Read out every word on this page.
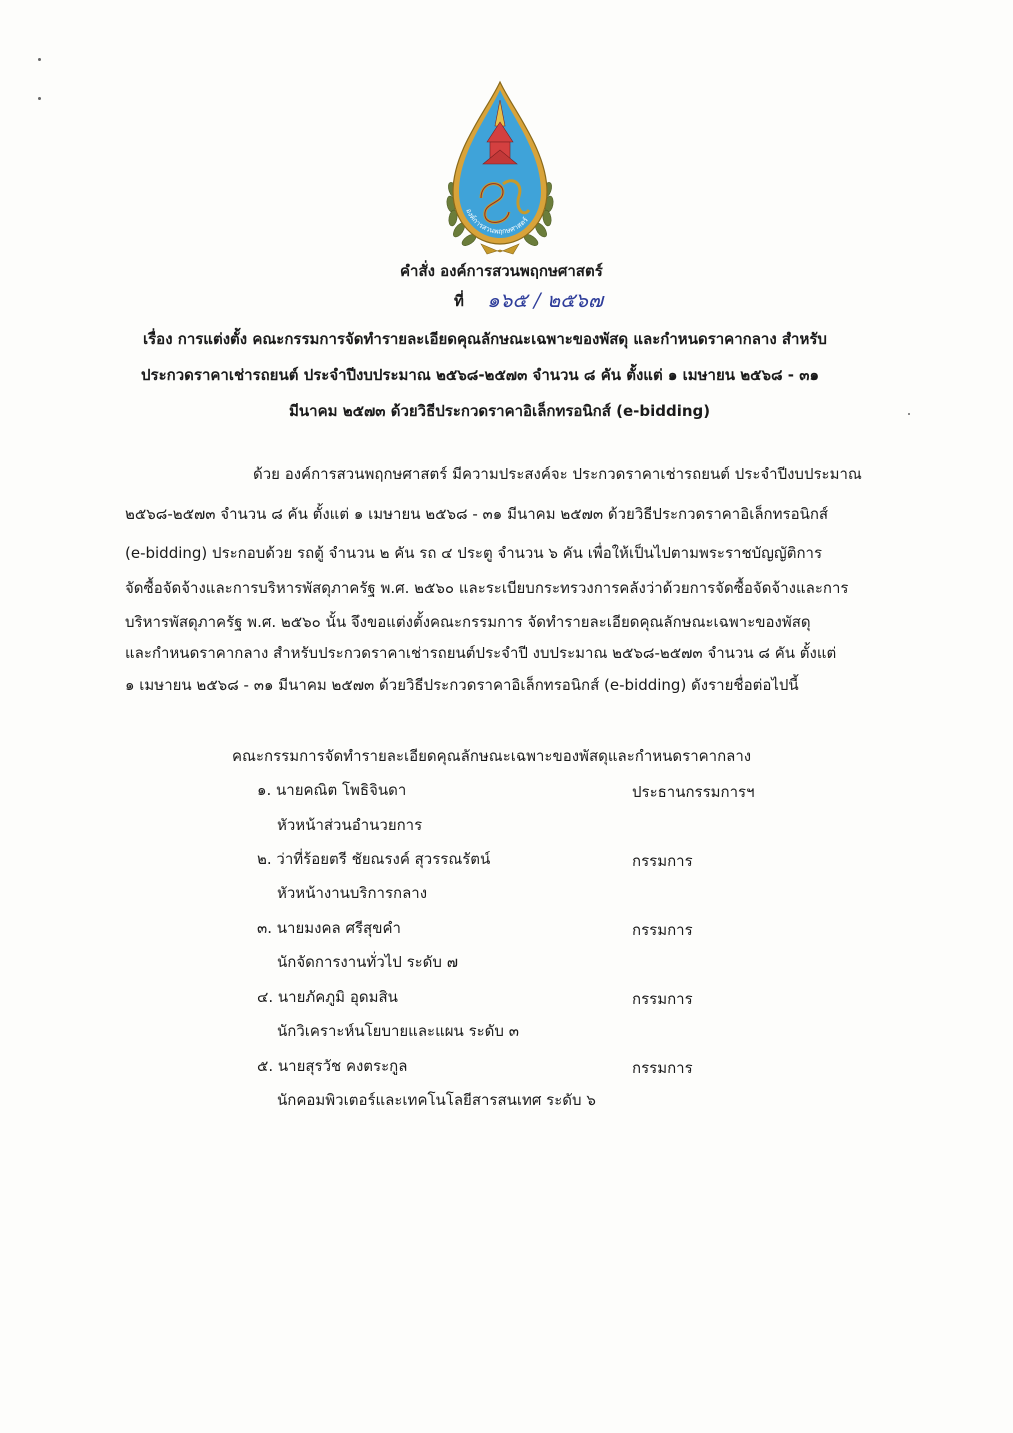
องค์การสวนพฤกษศาสตร์
คำสั่ง องค์การสวนพฤกษศาสตร์
ที่ ๑๖๕ / ๒๕๖๗
เรื่อง การแต่งตั้ง คณะกรรมการจัดทำรายละเอียดคุณลักษณะเฉพาะของพัสดุ และกำหนดราคากลาง สำหรับ
ประกวดราคาเช่ารถยนต์ ประจำปีงบประมาณ ๒๕๖๘-๒๕๗๓ จำนวน ๘ คัน ตั้งแต่ ๑ เมษายน ๒๕๖๘ - ๓๑
มีนาคม ๒๕๗๓ ด้วยวิธีประกวดราคาอิเล็กทรอนิกส์ (e-bidding)
ด้วย องค์การสวนพฤกษศาสตร์ มีความประสงค์จะ ประกวดราคาเช่ารถยนต์ ประจำปีงบประมาณ
๒๕๖๘-๒๕๗๓ จำนวน ๘ คัน ตั้งแต่ ๑ เมษายน ๒๕๖๘ - ๓๑ มีนาคม ๒๕๗๓ ด้วยวิธีประกวดราคาอิเล็กทรอนิกส์
(e-bidding) ประกอบด้วย รถตู้ จำนวน ๒ คัน รถ ๔ ประตู จำนวน ๖ คัน เพื่อให้เป็นไปตามพระราชบัญญัติการ
จัดซื้อจัดจ้างและการบริหารพัสดุภาครัฐ พ.ศ. ๒๕๖๐ และระเบียบกระทรวงการคลังว่าด้วยการจัดซื้อจัดจ้างและการ
บริหารพัสดุภาครัฐ พ.ศ. ๒๕๖๐ นั้น จึงขอแต่งตั้งคณะกรรมการ จัดทำรายละเอียดคุณลักษณะเฉพาะของพัสดุ
และกำหนดราคากลาง สำหรับประกวดราคาเช่ารถยนต์ประจำปี งบประมาณ ๒๕๖๘-๒๕๗๓ จำนวน ๘ คัน ตั้งแต่
๑ เมษายน ๒๕๖๘ - ๓๑ มีนาคม ๒๕๗๓ ด้วยวิธีประกวดราคาอิเล็กทรอนิกส์ (e-bidding) ดังรายชื่อต่อไปนี้
คณะกรรมการจัดทำรายละเอียดคุณลักษณะเฉพาะของพัสดุและกำหนดราคากลาง
๑. นายคณิต โพธิจินดา	ประธานกรรมการฯ
หัวหน้าส่วนอำนวยการ
๒. ว่าที่ร้อยตรี ชัยณรงค์ สุวรรณรัตน์	กรรมการ
หัวหน้างานบริการกลาง
๓. นายมงคล ศรีสุขคำ	กรรมการ
นักจัดการงานทั่วไป ระดับ ๗
๔. นายภัคภูมิ อุดมสิน	กรรมการ
นักวิเคราะห์นโยบายและแผน ระดับ ๓
๕. นายสุรวัช คงตระกูล	กรรมการ
นักคอมพิวเตอร์และเทคโนโลยีสารสนเทศ ระดับ ๖
